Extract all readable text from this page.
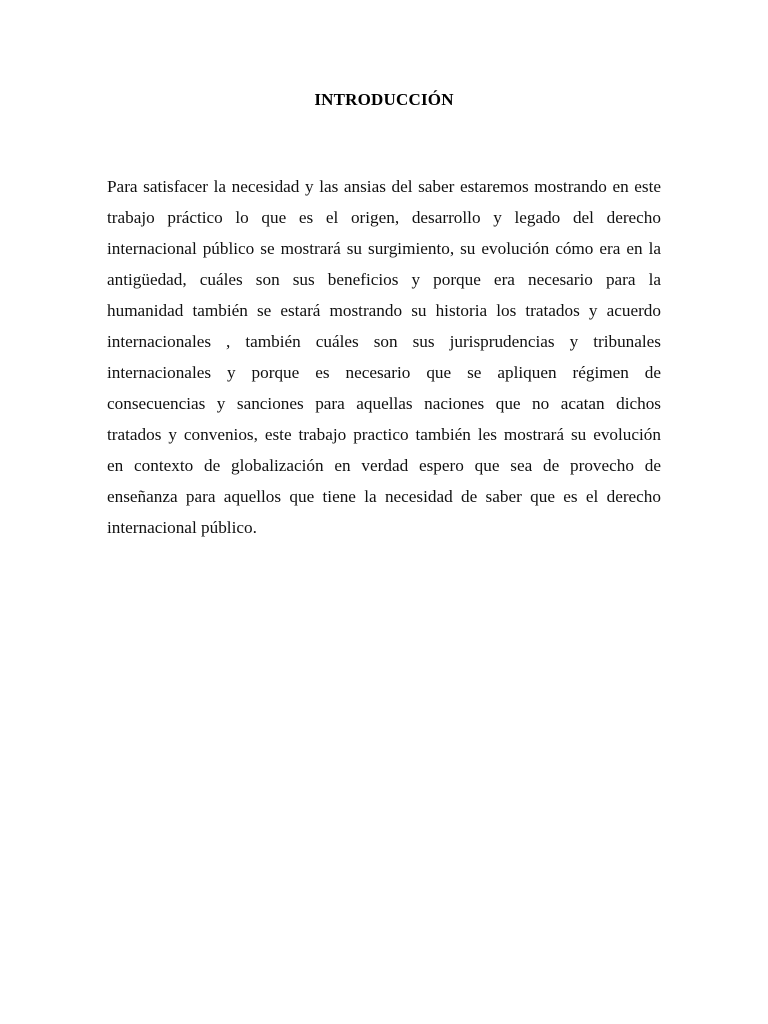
INTRODUCCIÓN
Para satisfacer la necesidad y las ansias del saber estaremos mostrando en este
trabajo práctico lo que es el origen, desarrollo y legado del derecho
internacional público se mostrará su surgimiento, su evolución cómo era en la
antigüedad, cuáles son sus beneficios y porque era necesario para la
humanidad también se estará mostrando su historia los tratados y acuerdo
internacionales , también cuáles son sus jurisprudencias y tribunales
internacionales y porque es necesario que se apliquen régimen de
consecuencias y sanciones para aquellas naciones que no acatan dichos
tratados y convenios, este trabajo practico también les mostrará su evolución
en contexto de globalización en verdad espero que sea de provecho de
enseñanza para aquellos que tiene la necesidad de saber que es el derecho
internacional público.
